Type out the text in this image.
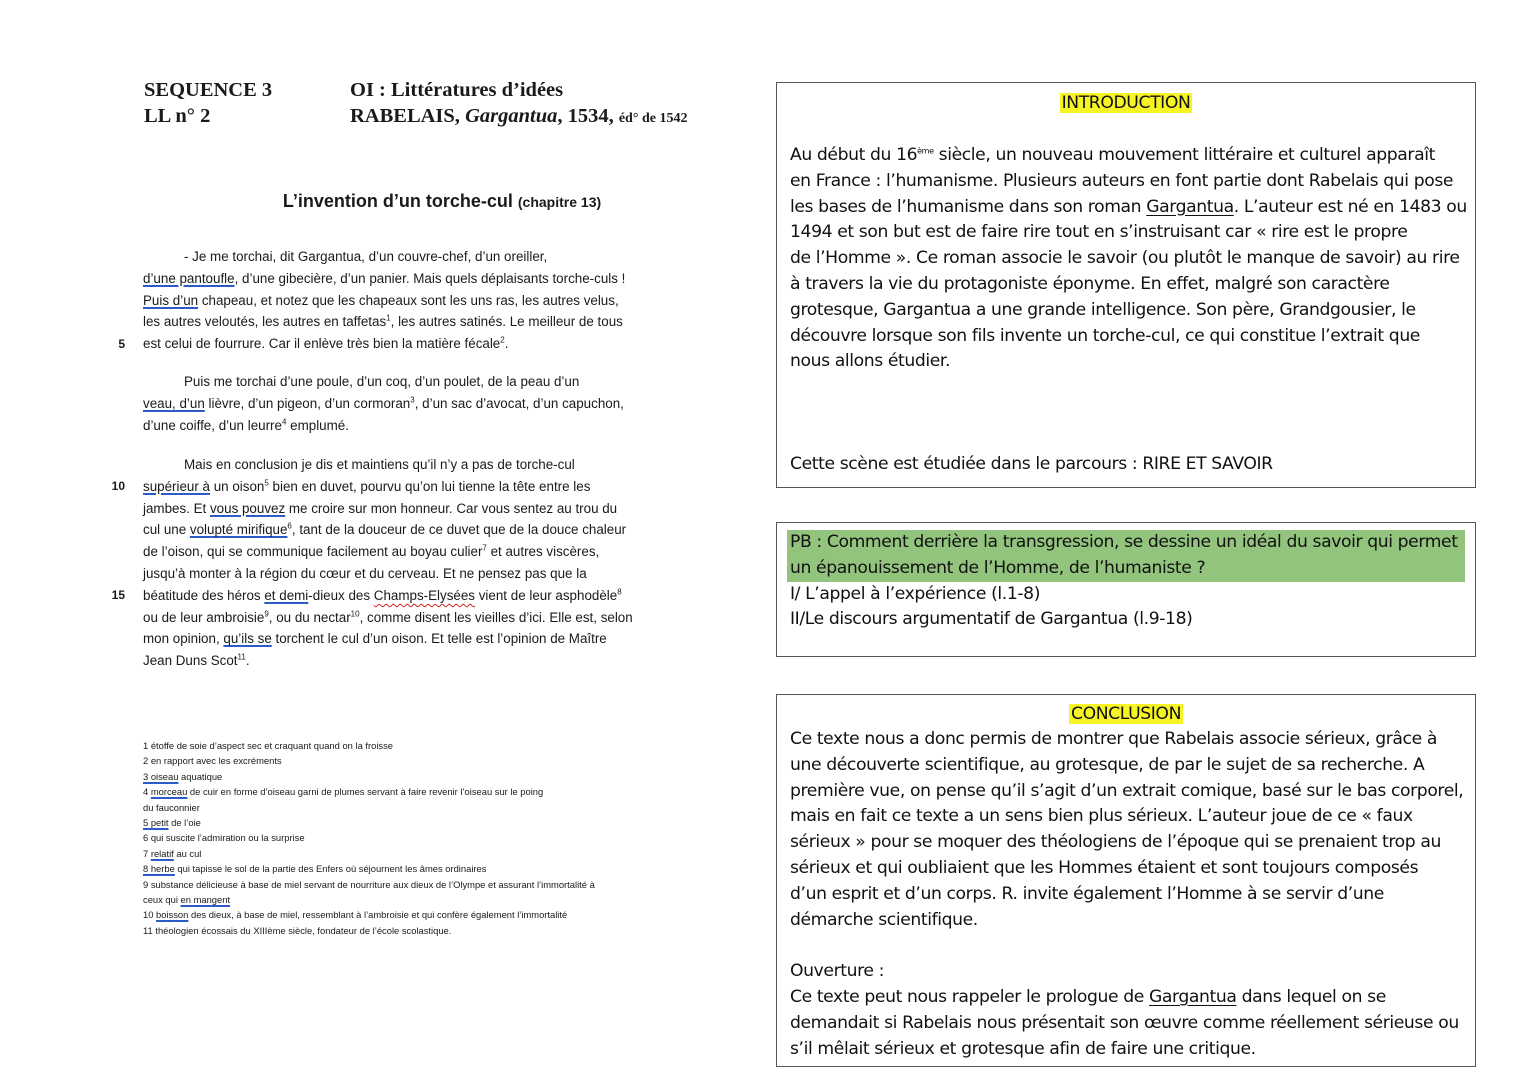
SEQUENCE 3	OI : Littératures d’idées
LL n° 2	RABELAIS, Gargantua, 1534, éd° de 1542
L’invention d’un torche-cul (chapitre 13)
- Je me torchai, dit Gargantua, d’un couvre-chef, d’un oreiller,
d’une pantoufle, d’une gibecière, d’un panier. Mais quels déplaisants torche-culs !
Puis d’un chapeau, et notez que les chapeaux sont les uns ras, les autres velus,
les autres veloutés, les autres en taffetas$^1$, les autres satinés. Le meilleur de tous
est celui de fourrure. Car il enlève très bien la matière fécale$^2$.
Puis me torchai d’une poule, d’un coq, d’un poulet, de la peau d’un
veau, d’un lièvre, d’un pigeon, d’un cormoran$^3$, d’un sac d’avocat, d’un capuchon,
d’une coiffe, d’un leurre$^4$ emplumé.
Mais en conclusion je dis et maintiens qu’il n’y a pas de torche-cul
supérieur à un oison$^5$ bien en duvet, pourvu qu’on lui tienne la tête entre les
jambes. Et vous pouvez me croire sur mon honneur. Car vous sentez au trou du
cul une volupté mirifique$^6$, tant de la douceur de ce duvet que de la douce chaleur
de l’oison, qui se communique facilement au boyau culier$^7$ et autres viscères,
jusqu’à monter à la région du cœur et du cerveau. Et ne pensez pas que la
béatitude des héros et demi-dieux des Champs-Elysées vient de leur asphodèle$^8$
ou de leur ambroisie$^9$, ou du nectar$^{10}$, comme disent les vieilles d’ici. Elle est, selon
mon opinion, qu’ils se torchent le cul d’un oison. Et telle est l’opinion de Maître
Jean Duns Scot$^{11}$.
5
10
15
1 étoffe de soie d’aspect sec et craquant quand on la froisse
2 en rapport avec les excréments
3 oiseau aquatique
4 morceau de cuir en forme d’oiseau garni de plumes servant à faire revenir l’oiseau sur le poing
du fauconnier
5 petit de l’oie
6 qui suscite l’admiration ou la surprise
7 relatif au cul
8 herbe qui tapisse le sol de la partie des Enfers où séjournent les âmes ordinaires
9 substance délicieuse à base de miel servant de nourriture aux dieux de l’Olympe et assurant l’immortalité à
ceux qui en mangent
10 boisson des dieux, à base de miel, ressemblant à l’ambroisie et qui confère également l’immortalité
11 théologien écossais du XIIIème siècle, fondateur de l’école scolastique.
INTRODUCTION
Au début du 16ème siècle, un nouveau mouvement littéraire et culturel apparaît
en France : l’humanisme. Plusieurs auteurs en font partie dont Rabelais qui pose
les bases de l’humanisme dans son roman Gargantua. L’auteur est né en 1483 ou
1494 et son but est de faire rire tout en s’instruisant car « rire est le propre
de l’Homme ». Ce roman associe le savoir (ou plutôt le manque de savoir) au rire
à travers la vie du protagoniste éponyme. En effet, malgré son caractère
grotesque, Gargantua a une grande intelligence. Son père, Grandgousier, le
découvre lorsque son fils invente un torche-cul, ce qui constitue l’extrait que
nous allons étudier.
Cette scène est étudiée dans le parcours : RIRE ET SAVOIR
PB : Comment derrière la transgression, se dessine un idéal du savoir qui permet
un épanouissement de l’Homme, de l’humaniste ?
I/ L’appel à l’expérience (l.1-8)
II/Le discours argumentatif de Gargantua (l.9-18)
CONCLUSION
Ce texte nous a donc permis de montrer que Rabelais associe sérieux, grâce à
une découverte scientifique, au grotesque, de par le sujet de sa recherche. A
première vue, on pense qu’il s’agit d’un extrait comique, basé sur le bas corporel,
mais en fait ce texte a un sens bien plus sérieux. L’auteur joue de ce « faux
sérieux » pour se moquer des théologiens de l’époque qui se prenaient trop au
sérieux et qui oubliaient que les Hommes étaient et sont toujours composés
d’un esprit et d’un corps. R. invite également l’Homme à se servir d’une
démarche scientifique.
Ouverture :
Ce texte peut nous rappeler le prologue de Gargantua dans lequel on se
demandait si Rabelais nous présentait son œuvre comme réellement sérieuse ou
s’il mêlait sérieux et grotesque afin de faire une critique.
